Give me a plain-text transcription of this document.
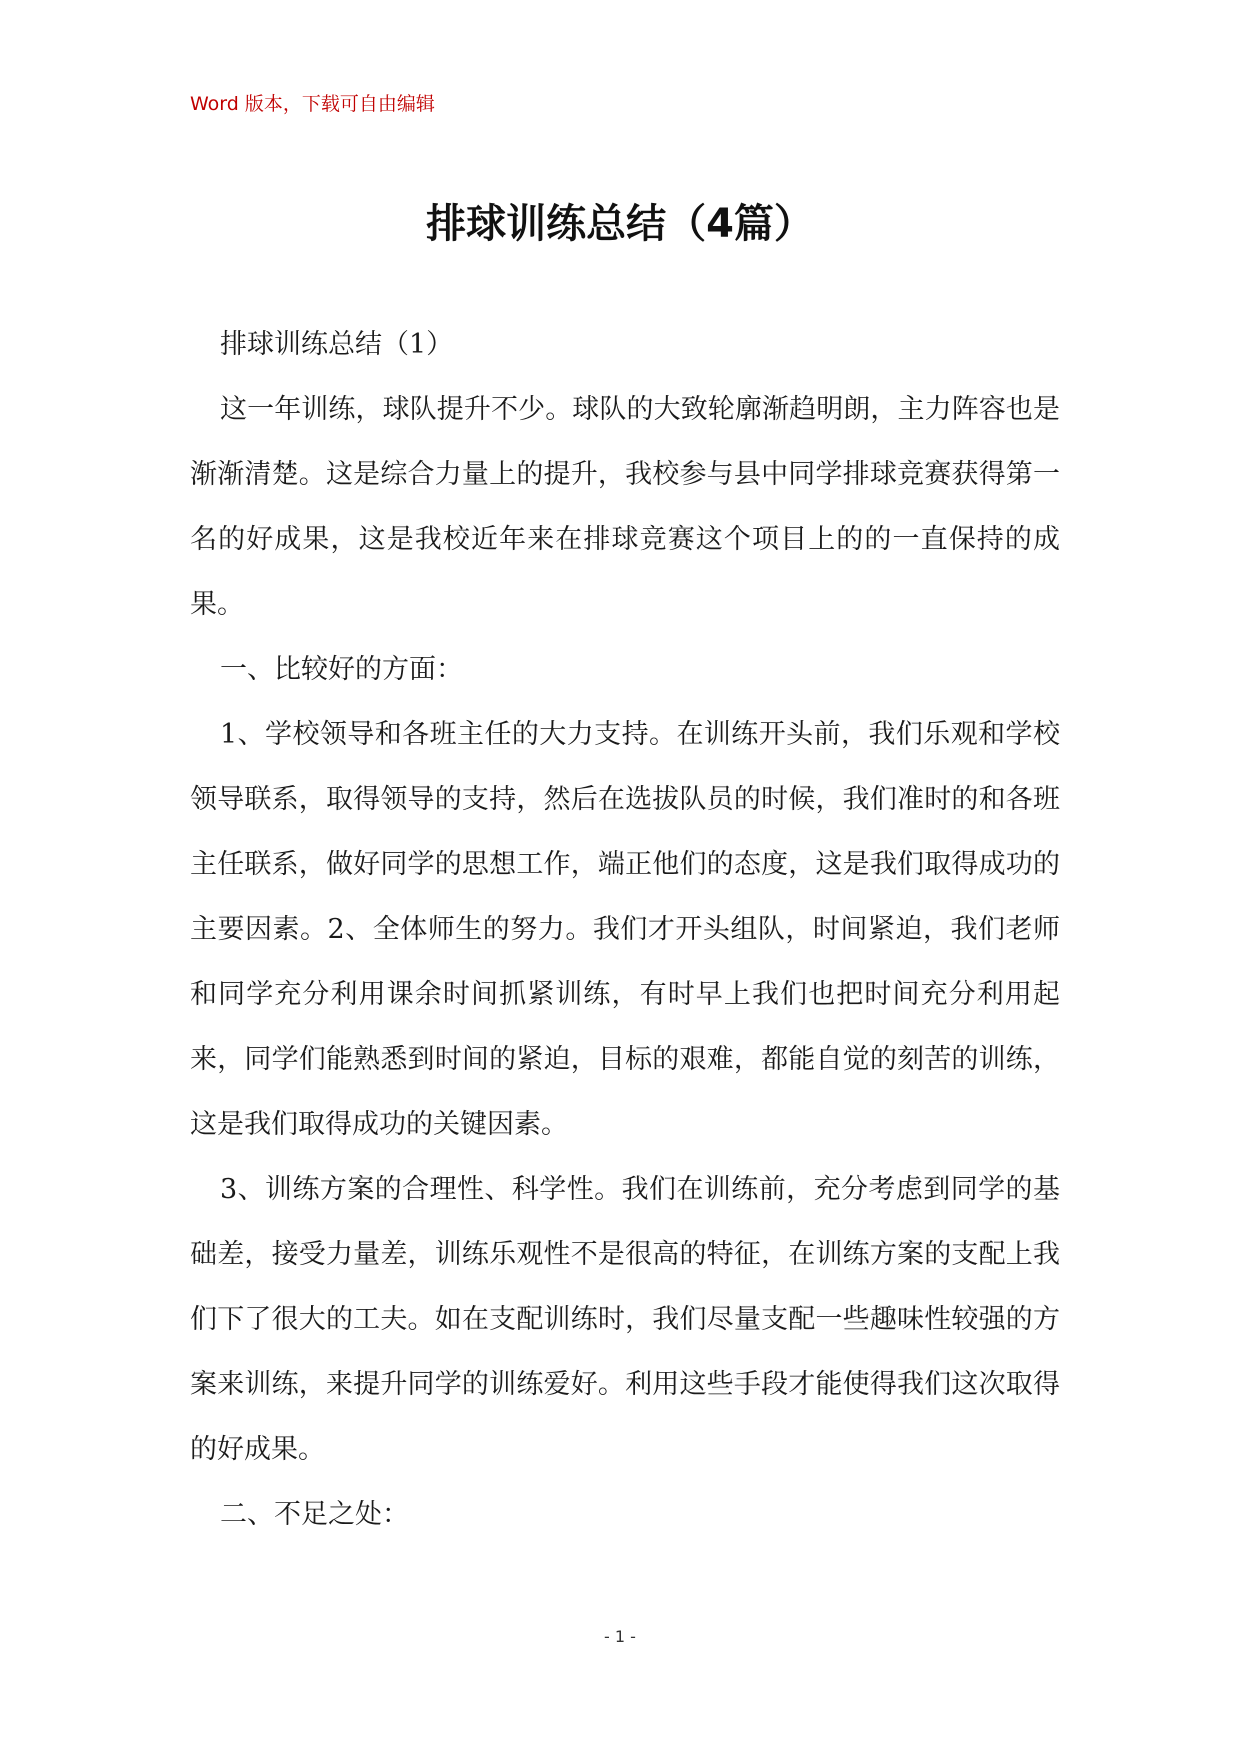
Word 版本，下载可自由编辑
排球训练总结（4篇）

排球训练总结（1）

这一年训练，球队提升不少。球队的大致轮廓渐趋明朗，主力阵容也是渐渐清楚。这是综合力量上的提升，我校参与县中同学排球竞赛获得第一名的好成果，这是我校近年来在排球竞赛这个项目上的的一直保持的成果。

一、比较好的方面：

1、学校领导和各班主任的大力支持。在训练开头前，我们乐观和学校领导联系，取得领导的支持，然后在选拔队员的时候，我们准时的和各班主任联系，做好同学的思想工作，端正他们的态度，这是我们取得成功的主要因素。2、全体师生的努力。我们才开头组队，时间紧迫，我们老师和同学充分利用课余时间抓紧训练，有时早上我们也把时间充分利用起来，同学们能熟悉到时间的紧迫，目标的艰难，都能自觉的刻苦的训练，这是我们取得成功的关键因素。

3、训练方案的合理性、科学性。我们在训练前，充分考虑到同学的基础差，接受力量差，训练乐观性不是很高的特征，在训练方案的支配上我们下了很大的工夫。如在支配训练时，我们尽量支配一些趣味性较强的方案来训练，来提升同学的训练爱好。利用这些手段才能使得我们这次取得的好成果。

二、不足之处：

- 1 -
